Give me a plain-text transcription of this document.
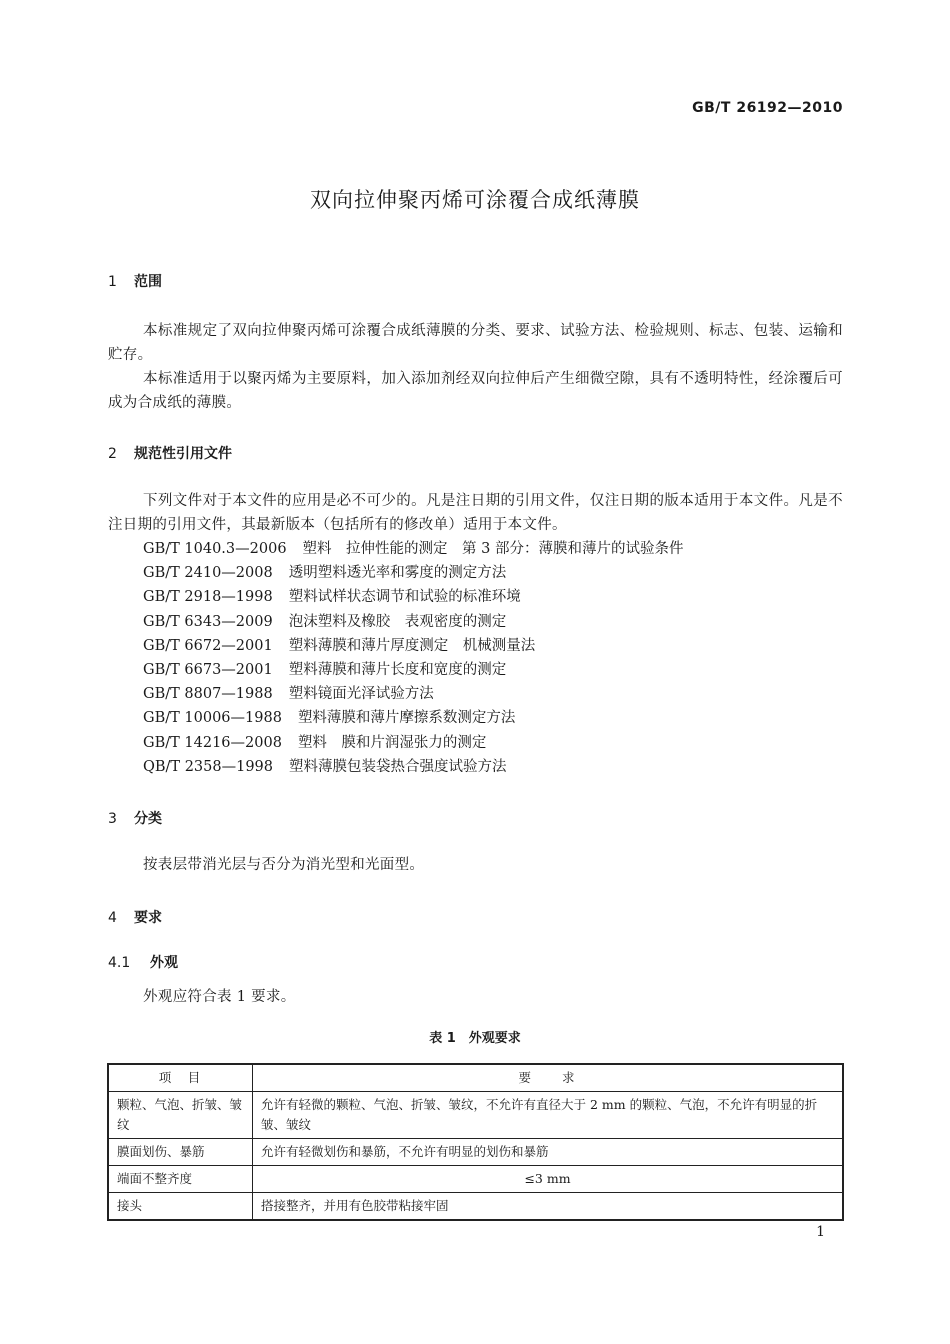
GB/T 26192—2010
双向拉伸聚丙烯可涂覆合成纸薄膜
1 范围
本标准规定了双向拉伸聚丙烯可涂覆合成纸薄膜的分类、要求、试验方法、检验规则、标志、包装、运输和贮存。
本标准适用于以聚丙烯为主要原料，加入添加剂经双向拉伸后产生细微空隙，具有不透明特性，经涂覆后可成为合成纸的薄膜。
2 规范性引用文件
下列文件对于本文件的应用是必不可少的。凡是注日期的引用文件，仅注日期的版本适用于本文件。凡是不注日期的引用文件，其最新版本（包括所有的修改单）适用于本文件。
GB/T 1040.3—2006 塑料　拉伸性能的测定　第 3 部分：薄膜和薄片的试验条件
GB/T 2410—2008 透明塑料透光率和雾度的测定方法
GB/T 2918—1998 塑料试样状态调节和试验的标准环境
GB/T 6343—2009 泡沫塑料及橡胶　表观密度的测定
GB/T 6672—2001 塑料薄膜和薄片厚度测定　机械测量法
GB/T 6673—2001 塑料薄膜和薄片长度和宽度的测定
GB/T 8807—1988 塑料镜面光泽试验方法
GB/T 10006—1988 塑料薄膜和薄片摩擦系数测定方法
GB/T 14216—2008 塑料　膜和片润湿张力的测定
QB/T 2358—1998 塑料薄膜包装袋热合强度试验方法
3 分类
按表层带消光层与否分为消光型和光面型。
4 要求
4.1 外观
外观应符合表 1 要求。
表 1　外观要求
项　目	要　　求
颗粒、气泡、折皱、皱纹	允许有轻微的颗粒、气泡、折皱、皱纹，不允许有直径大于 2 mm 的颗粒、气泡，不允许有明显的折皱、皱纹
膜面划伤、暴筋	允许有轻微划伤和暴筋，不允许有明显的划伤和暴筋
端面不整齐度	≤3 mm
接头	搭接整齐，并用有色胶带粘接牢固
1
